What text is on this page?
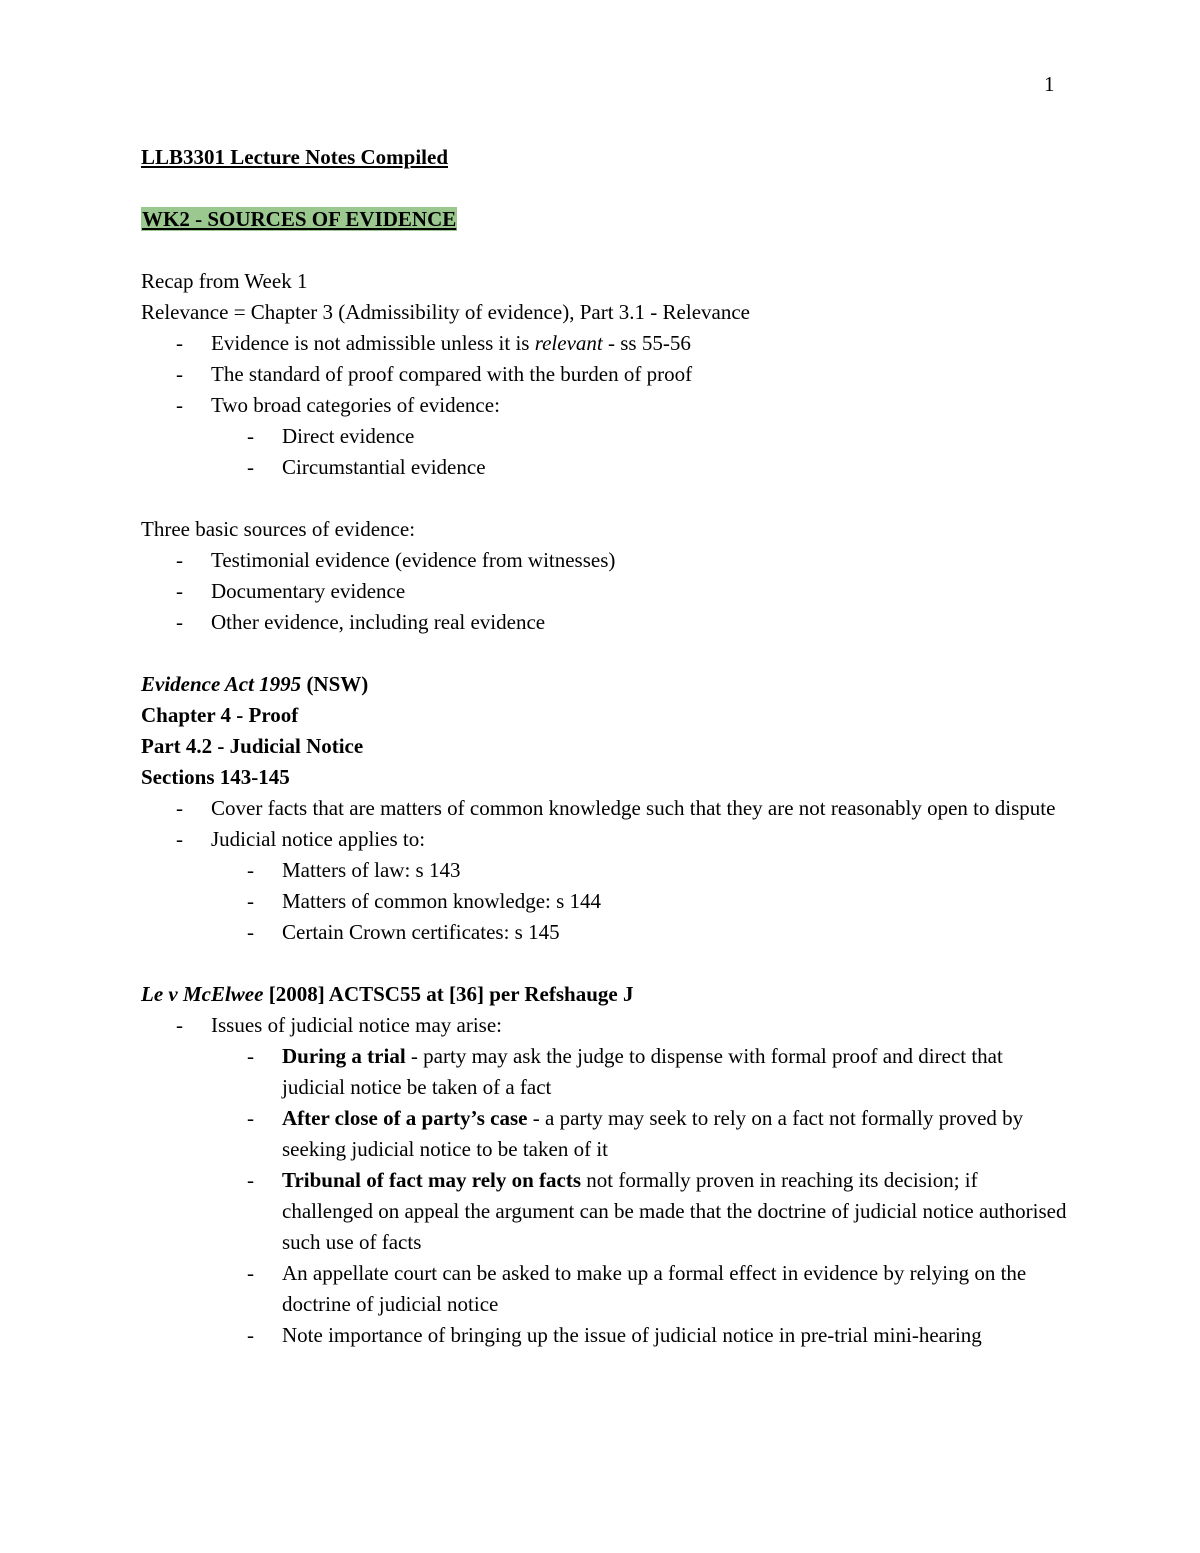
1
LLB3301 Lecture Notes Compiled
WK2 - SOURCES OF EVIDENCE
Recap from Week 1
Relevance = Chapter 3 (Admissibility of evidence), Part 3.1 - Relevance
- Evidence is not admissible unless it is relevant - ss 55-56
- The standard of proof compared with the burden of proof
- Two broad categories of evidence:
- Direct evidence
- Circumstantial evidence
Three basic sources of evidence:
- Testimonial evidence (evidence from witnesses)
- Documentary evidence
- Other evidence, including real evidence
Evidence Act 1995 (NSW)
Chapter 4 - Proof
Part 4.2 - Judicial Notice
Sections 143-145
- Cover facts that are matters of common knowledge such that they are not reasonably open to dispute
- Judicial notice applies to:
- Matters of law: s 143
- Matters of common knowledge: s 144
- Certain Crown certificates: s 145
Le v McElwee [2008] ACTSC55 at [36] per Refshauge J
- Issues of judicial notice may arise:
- During a trial - party may ask the judge to dispense with formal proof and direct that judicial notice be taken of a fact
- After close of a party’s case - a party may seek to rely on a fact not formally proved by seeking judicial notice to be taken of it
- Tribunal of fact may rely on facts not formally proven in reaching its decision; if challenged on appeal the argument can be made that the doctrine of judicial notice authorised such use of facts
- An appellate court can be asked to make up a formal effect in evidence by relying on the doctrine of judicial notice
- Note importance of bringing up the issue of judicial notice in pre-trial mini-hearing
